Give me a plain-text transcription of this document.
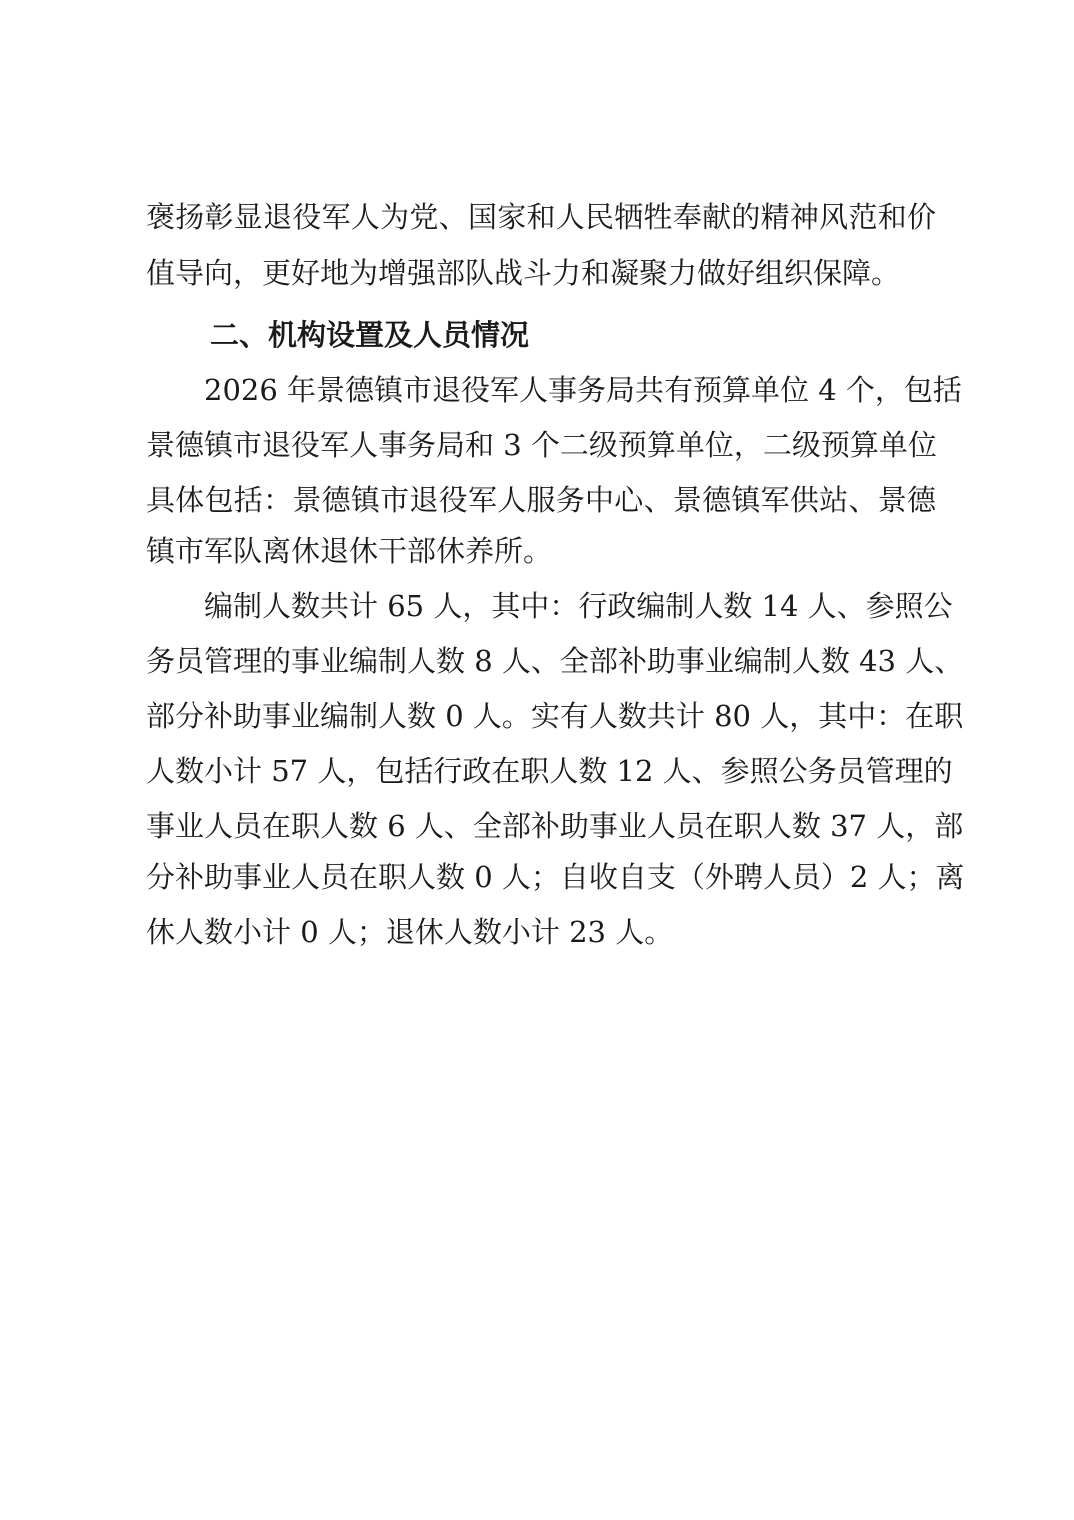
褒扬彰显退役军人为党、国家和人民牺牲奉献的精神风范和价

值导向，更好地为增强部队战斗力和凝聚力做好组织保障。

二、机构设置及人员情况

2026 年景德镇市退役军人事务局共有预算单位 4 个，包括

景德镇市退役军人事务局和 3 个二级预算单位，二级预算单位

具体包括：景德镇市退役军人服务中心、景德镇军供站、景德

镇市军队离休退休干部休养所。

编制人数共计 65 人，其中：行政编制人数 14 人、参照公

务员管理的事业编制人数 8 人、全部补助事业编制人数 43 人、

部分补助事业编制人数 0 人。实有人数共计 80 人，其中：在职

人数小计 57 人，包括行政在职人数 12 人、参照公务员管理的

事业人员在职人数 6 人、全部补助事业人员在职人数 37 人，部

分补助事业人员在职人数 0 人；自收自支（外聘人员）2 人；离

休人数小计 0 人；退休人数小计 23 人。
